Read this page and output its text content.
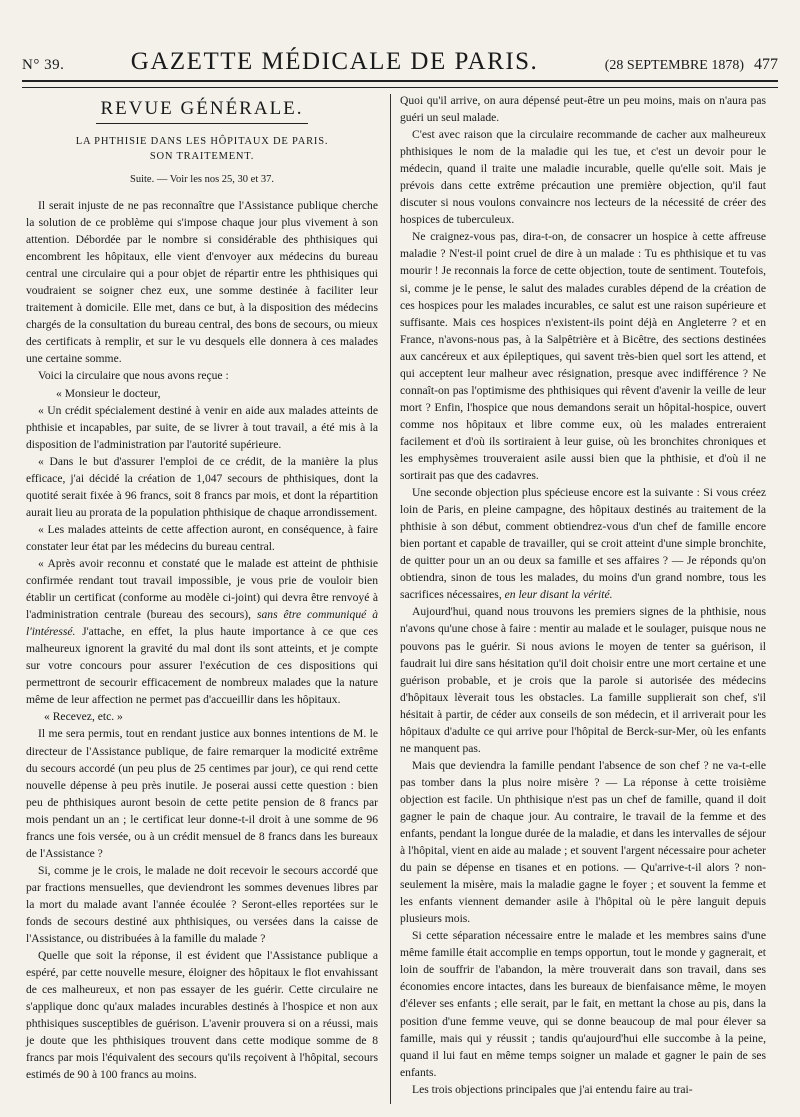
N° 39.	GAZETTE MÉDICALE DE PARIS.	(28 SEPTEMBRE 1878) 477
REVUE GÉNÉRALE.
LA PHTHISIE DANS LES HÔPITAUX DE PARIS.
SON TRAITEMENT.
Suite. — Voir les nos 25, 30 et 37.

Il serait injuste de ne pas reconnaître que l'Assistance publique cherche la solution de ce problème qui s'impose chaque jour plus vivement à son attention. Débordée par le nombre si considérable des phthisiques qui encombrent les hôpitaux, elle vient d'envoyer aux médecins du bureau central une circulaire qui a pour objet de répartir entre les phthisiques qui voudraient se soigner chez eux, une somme destinée à faciliter leur traitement à domicile. Elle met, dans ce but, à la disposition des médecins chargés de la consultation du bureau central, des bons de secours, ou mieux des certificats à remplir, et sur le vu desquels elle donnera à ces malades une certaine somme.

Voici la circulaire que nous avons reçue :

« Monsieur le docteur,

« Un crédit spécialement destiné à venir en aide aux malades atteints de phthisie et incapables, par suite, de se livrer à tout travail, a été mis à la disposition de l'administration par l'autorité supérieure.

« Dans le but d'assurer l'emploi de ce crédit, de la manière la plus efficace, j'ai décidé la création de 1,047 secours de phthisiques, dont la quotité serait fixée à 96 francs, soit 8 francs par mois, et dont la répartition aurait lieu au prorata de la population phthisique de chaque arrondissement.

« Les malades atteints de cette affection auront, en conséquence, à faire constater leur état par les médecins du bureau central.

« Après avoir reconnu et constaté que le malade est atteint de phthisie confirmée rendant tout travail impossible, je vous prie de vouloir bien établir un certificat (conforme au modèle ci-joint) qui devra être renvoyé à l'administration centrale (bureau des secours), sans être communiqué à l'intéressé. J'attache, en effet, la plus haute importance à ce que ces malheureux ignorent la gravité du mal dont ils sont atteints, et je compte sur votre concours pour assurer l'exécution de ces dispositions qui permettront de secourir efficacement de nombreux malades que la nature même de leur affection ne permet pas d'accueillir dans les hôpitaux.

« Recevez, etc. »

Il me sera permis, tout en rendant justice aux bonnes intentions de M. le directeur de l'Assistance publique, de faire remarquer la modicité extrême du secours accordé (un peu plus de 25 centimes par jour), ce qui rend cette nouvelle dépense à peu près inutile. Je poserai aussi cette question : bien peu de phthisiques auront besoin de cette petite pension de 8 francs par mois pendant un an ; le certificat leur donne-t-il droit à une somme de 96 francs une fois versée, ou à un crédit mensuel de 8 francs dans les bureaux de l'Assistance ?

Si, comme je le crois, le malade ne doit recevoir le secours accordé que par fractions mensuelles, que deviendront les sommes devenues libres par la mort du malade avant l'année écoulée ? Seront-elles reportées sur le fonds de secours destiné aux phthisiques, ou versées dans la caisse de l'Assistance, ou distribuées à la famille du malade ?

Quelle que soit la réponse, il est évident que l'Assistance publique a espéré, par cette nouvelle mesure, éloigner des hôpitaux le flot envahissant de ces malheureux, et non pas essayer de les guérir. Cette circulaire ne s'applique donc qu'aux malades incurables destinés à l'hospice et non aux phthisiques susceptibles de guérison. L'avenir prouvera si on a réussi, mais je doute que les phthisiques trouvent dans cette modique somme de 8 francs par mois l'équivalent des secours qu'ils reçoivent à l'hôpital, secours estimés de 90 à 100 francs au moins.

Quoi qu'il arrive, on aura dépensé peut-être un peu moins, mais on n'aura pas guéri un seul malade.

C'est avec raison que la circulaire recommande de cacher aux malheureux phthisiques le nom de la maladie qui les tue, et c'est un devoir pour le médecin, quand il traite une maladie incurable, quelle qu'elle soit. Mais je prévois dans cette extrême précaution une première objection, qu'il faut discuter si nous voulons convaincre nos lecteurs de la nécessité de créer des hospices de tuberculeux.

Ne craignez-vous pas, dira-t-on, de consacrer un hospice à cette affreuse maladie ? N'est-il point cruel de dire à un malade : Tu es phthisique et tu vas mourir ! Je reconnais la force de cette objection, toute de sentiment. Toutefois, si, comme je le pense, le salut des malades curables dépend de la création de ces hospices pour les malades incurables, ce salut est une raison supérieure et suffisante. Mais ces hospices n'existent-ils point déjà en Angleterre ? et en France, n'avons-nous pas, à la Salpêtrière et à Bicêtre, des sections destinées aux cancéreux et aux épileptiques, qui savent très-bien quel sort les attend, et qui acceptent leur malheur avec résignation, presque avec indifférence ? Ne connaît-on pas l'optimisme des phthisiques qui rêvent d'avenir la veille de leur mort ? Enfin, l'hospice que nous demandons serait un hôpital-hospice, ouvert comme nos hôpitaux et libre comme eux, où les malades entreraient facilement et d'où ils sortiraient à leur guise, où les bronchites chroniques et les emphysèmes trouveraient asile aussi bien que la phthisie, et d'où il ne sortirait pas que des cadavres.

Une seconde objection plus spécieuse encore est la suivante : Si vous créez loin de Paris, en pleine campagne, des hôpitaux destinés au traitement de la phthisie à son début, comment obtiendrez-vous d'un chef de famille encore bien portant et capable de travailler, qui se croit atteint d'une simple bronchite, de quitter pour un an ou deux sa famille et ses affaires ? — Je réponds qu'on obtiendra, sinon de tous les malades, du moins d'un grand nombre, tous les sacrifices nécessaires, en leur disant la vérité.

Aujourd'hui, quand nous trouvons les premiers signes de la phthisie, nous n'avons qu'une chose à faire : mentir au malade et le soulager, puisque nous ne pouvons pas le guérir. Si nous avions le moyen de tenter sa guérison, il faudrait lui dire sans hésitation qu'il doit choisir entre une mort certaine et une guérison probable, et je crois que la parole si autorisée des médecins d'hôpitaux lèverait tous les obstacles. La famille supplierait son chef, s'il hésitait à partir, de céder aux conseils de son médecin, et il arriverait pour les hôpitaux d'adulte ce qui arrive pour l'hôpital de Berck-sur-Mer, où les enfants ne manquent pas.

Mais que deviendra la famille pendant l'absence de son chef ? ne va-t-elle pas tomber dans la plus noire misère ? — La réponse à cette troisième objection est facile. Un phthisique n'est pas un chef de famille, quand il doit gagner le pain de chaque jour. Au contraire, le travail de la femme et des enfants, pendant la longue durée de la maladie, et dans les intervalles de séjour à l'hôpital, vient en aide au malade ; et souvent l'argent nécessaire pour acheter du pain se dépense en tisanes et en potions. — Qu'arrive-t-il alors ? non-seulement la misère, mais la maladie gagne le foyer ; et souvent la femme et les enfants viennent demander asile à l'hôpital où le père languit depuis plusieurs mois.

Si cette séparation nécessaire entre le malade et les membres sains d'une même famille était accomplie en temps opportun, tout le monde y gagnerait, et loin de souffrir de l'abandon, la mère trouverait dans son travail, dans ses économies encore intactes, dans les bureaux de bienfaisance même, le moyen d'élever ses enfants ; elle serait, par le fait, en mettant la chose au pis, dans la position d'une femme veuve, qui se donne beaucoup de mal pour élever sa famille, mais qui y réussit ; tandis qu'aujourd'hui elle succombe à la peine, quand il lui faut en même temps soigner un malade et gagner le pain de ses enfants.

Les trois objections principales que j'ai entendu faire au trai-
